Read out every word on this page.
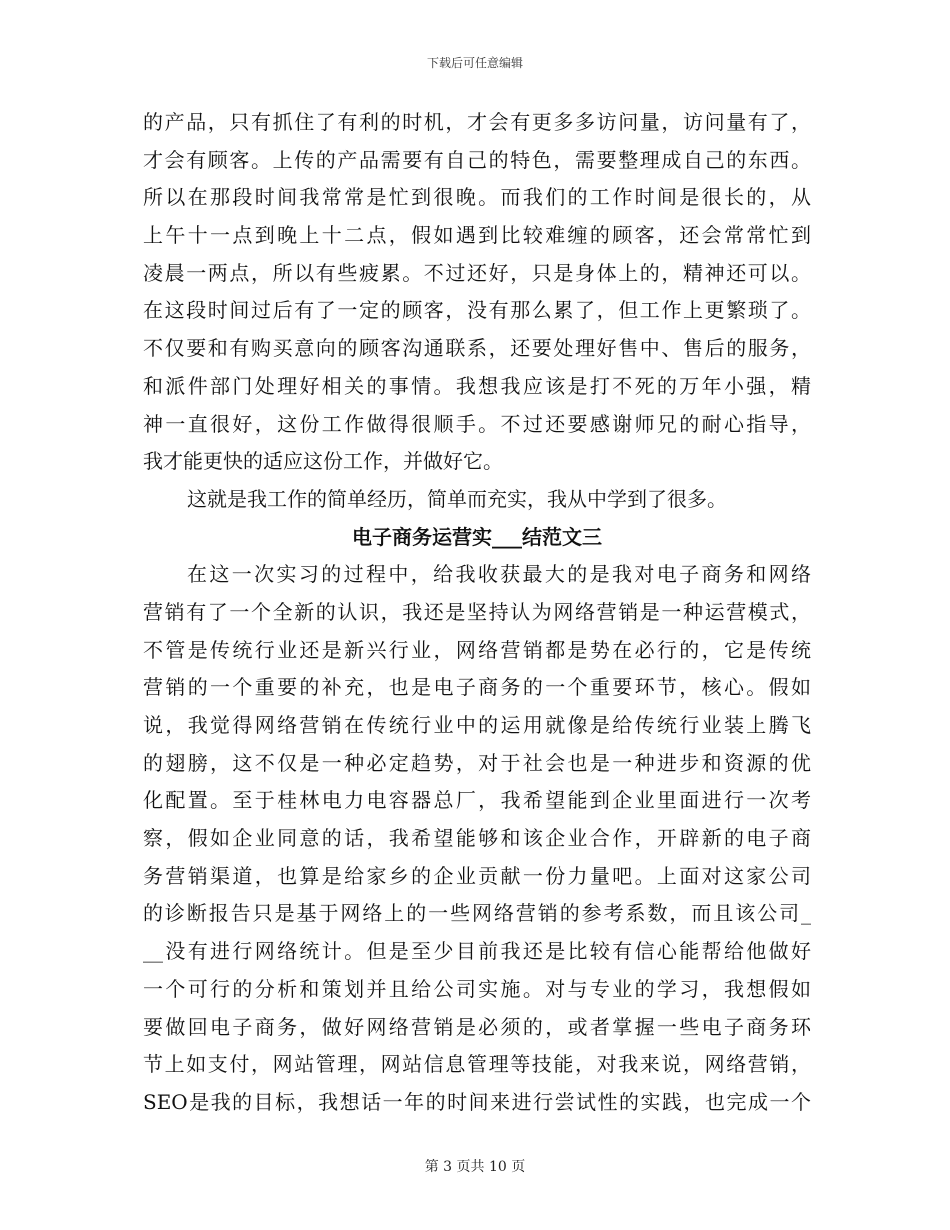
下载后可任意编辑
的产品，只有抓住了有利的时机，才会有更多多访问量，访问量有了，
才会有顾客。上传的产品需要有自己的特色，需要整理成自己的东西。
所以在那段时间我常常是忙到很晚。而我们的工作时间是很长的，从
上午十一点到晚上十二点，假如遇到比较难缠的顾客，还会常常忙到
凌晨一两点，所以有些疲累。不过还好，只是身体上的，精神还可以。
在这段时间过后有了一定的顾客，没有那么累了，但工作上更繁琐了。
不仅要和有购买意向的顾客沟通联系，还要处理好售中、售后的服务，
和派件部门处理好相关的事情。我想我应该是打不死的万年小强，精
神一直很好，这份工作做得很顺手。不过还要感谢师兄的耐心指导，
我才能更快的适应这份工作，并做好它。
这就是我工作的简单经历，简单而充实，我从中学到了很多。
电子商务运营实___结范文三
在这一次实习的过程中，给我收获最大的是我对电子商务和网络
营销有了一个全新的认识，我还是坚持认为网络营销是一种运营模式，
不管是传统行业还是新兴行业，网络营销都是势在必行的，它是传统
营销的一个重要的补充，也是电子商务的一个重要环节，核心。假如
说，我觉得网络营销在传统行业中的运用就像是给传统行业装上腾飞
的翅膀，这不仅是一种必定趋势，对于社会也是一种进步和资源的优
化配置。至于桂林电力电容器总厂，我希望能到企业里面进行一次考
察，假如企业同意的话，我希望能够和该企业合作，开辟新的电子商
务营销渠道，也算是给家乡的企业贡献一份力量吧。上面对这家公司
的诊断报告只是基于网络上的一些网络营销的参考系数，而且该公司_
__没有进行网络统计。但是至少目前我还是比较有信心能帮给他做好
一个可行的分析和策划并且给公司实施。对与专业的学习，我想假如
要做回电子商务，做好网络营销是必须的，或者掌握一些电子商务环
节上如支付，网站管理，网站信息管理等技能，对我来说，网络营销，
SEO是我的目标，我想话一年的时间来进行尝试性的实践，也完成一个
第 3 页共 10 页
